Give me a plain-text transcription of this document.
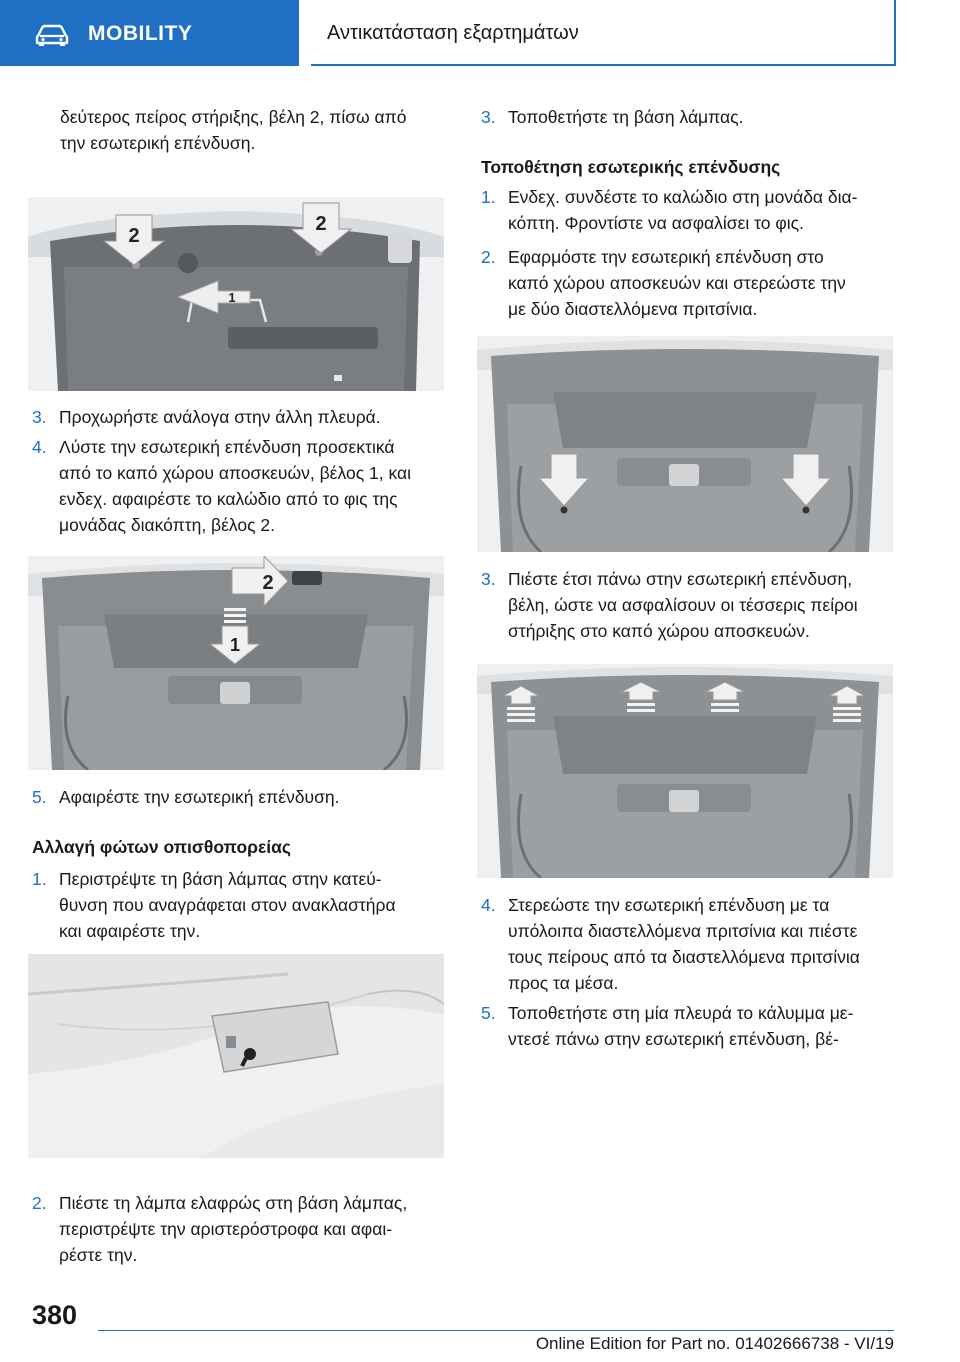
MOBILITY	Αντικατάσταση εξαρτημάτων
δεύτερος πείρος στήριξης, βέλη 2, πίσω από
την εσωτερική επένδυση.
2
2
1
3. Προχωρήστε ανάλογα στην άλλη πλευρά.
4. Λύστε την εσωτερική επένδυση προσεκτικά
από το καπό χώρου αποσκευών, βέλος 1, και
ενδεχ. αφαιρέστε το καλώδιο από το φις της
μονάδας διακόπτη, βέλος 2.
2
1
5. Αφαιρέστε την εσωτερική επένδυση.
Αλλαγή φώτων οπισθοπορείας
1. Περιστρέψτε τη βάση λάμπας στην κατεύ-
θυνση που αναγράφεται στον ανακλαστήρα
και αφαιρέστε την.
2. Πιέστε τη λάμπα ελαφρώς στη βάση λάμπας,
περιστρέψτε την αριστερόστροφα και αφαι-
ρέστε την.
3. Τοποθετήστε τη βάση λάμπας.
Τοποθέτηση εσωτερικής επένδυσης
1. Ενδεχ. συνδέστε το καλώδιο στη μονάδα δια-
κόπτη. Φροντίστε να ασφαλίσει το φις.
2. Εφαρμόστε την εσωτερική επένδυση στο
καπό χώρου αποσκευών και στερεώστε την
με δύο διαστελλόμενα πριτσίνια.
3. Πιέστε έτσι πάνω στην εσωτερική επένδυση,
βέλη, ώστε να ασφαλίσουν οι τέσσερις πείροι
στήριξης στο καπό χώρου αποσκευών.
4. Στερεώστε την εσωτερική επένδυση με τα
υπόλοιπα διαστελλόμενα πριτσίνια και πιέστε
τους πείρους από τα διαστελλόμενα πριτσίνια
προς τα μέσα.
5. Τοποθετήστε στη μία πλευρά το κάλυμμα με-
ντεσέ πάνω στην εσωτερική επένδυση, βέ-
380
Online Edition for Part no. 01402666738 - VI/19
